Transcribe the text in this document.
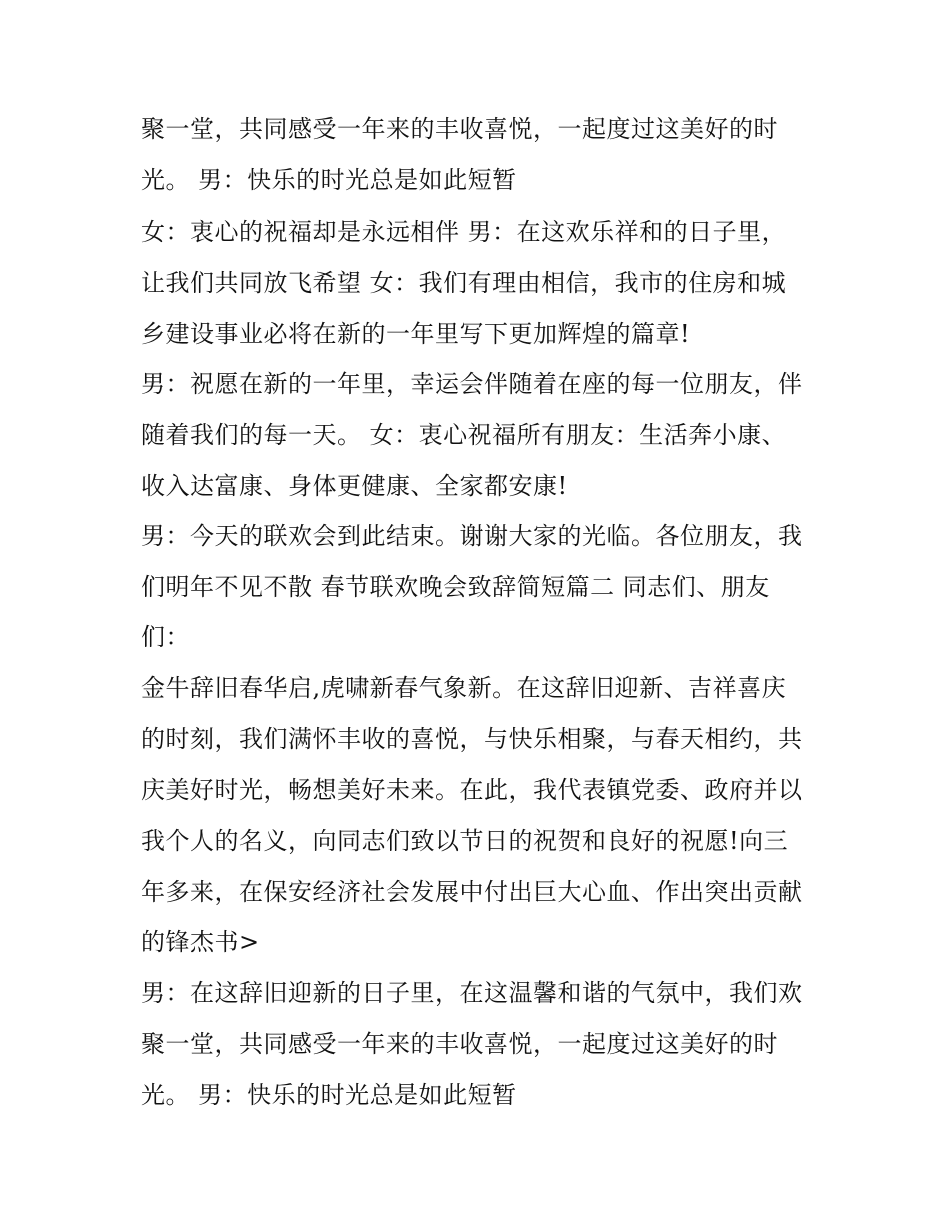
聚一堂，共同感受一年来的丰收喜悦，一起度过这美好的时
光。 男：快乐的时光总是如此短暂
女：衷心的祝福却是永远相伴 男：在这欢乐祥和的日子里，
让我们共同放飞希望 女：我们有理由相信，我市的住房和城
乡建设事业必将在新的一年里写下更加辉煌的篇章!
男：祝愿在新的一年里，幸运会伴随着在座的每一位朋友，伴
随着我们的每一天。 女：衷心祝福所有朋友：生活奔小康、
收入达富康、身体更健康、全家都安康!
男：今天的联欢会到此结束。谢谢大家的光临。各位朋友，我
们明年不见不散 春节联欢晚会致辞简短篇二 同志们、朋友
们：
金牛辞旧春华启,虎啸新春气象新。在这辞旧迎新、吉祥喜庆
的时刻，我们满怀丰收的喜悦，与快乐相聚，与春天相约，共
庆美好时光，畅想美好未来。在此，我代表镇党委、政府并以
我个人的名义，向同志们致以节日的祝贺和良好的祝愿!向三
年多来，在保安经济社会发展中付出巨大心血、作出突出贡献
的锋杰书>
男：在这辞旧迎新的日子里，在这温馨和谐的气氛中，我们欢
聚一堂，共同感受一年来的丰收喜悦，一起度过这美好的时
光。 男：快乐的时光总是如此短暂
